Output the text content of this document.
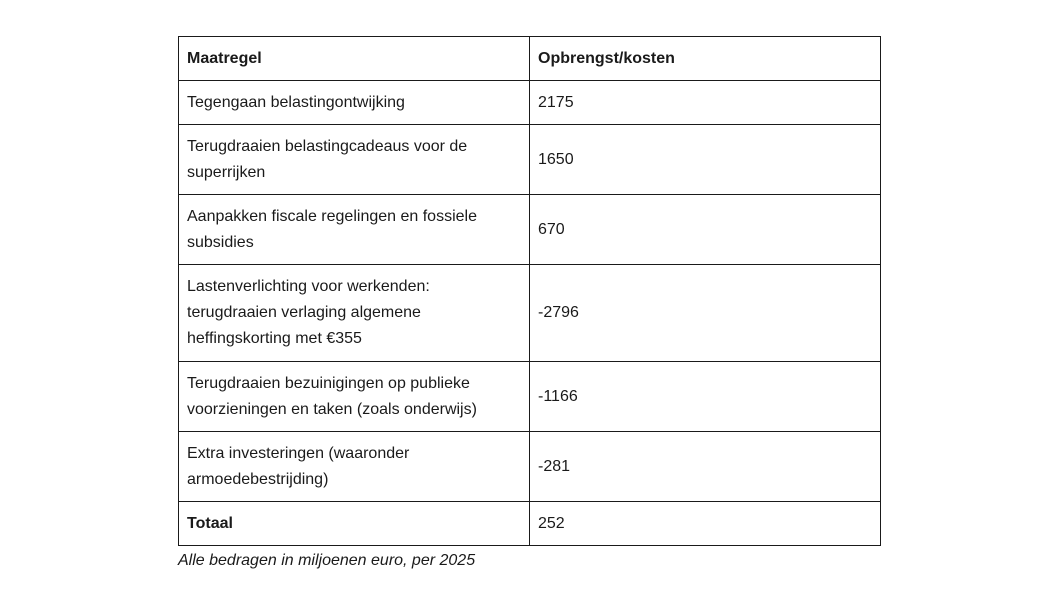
Maatregel	Opbrengst/kosten
Tegengaan belastingontwijking	2175
Terugdraaien belastingcadeaus voor de superrijken	1650
Aanpakken fiscale regelingen en fossiele subsidies	670
Lastenverlichting voor werkenden: terugdraaien verlaging algemene heffingskorting met €355	-2796
Terugdraaien bezuinigingen op publieke voorzieningen en taken (zoals onderwijs)	-1166
Extra investeringen (waaronder armoedebestrijding)	-281
Totaal	252
Alle bedragen in miljoenen euro, per 2025
